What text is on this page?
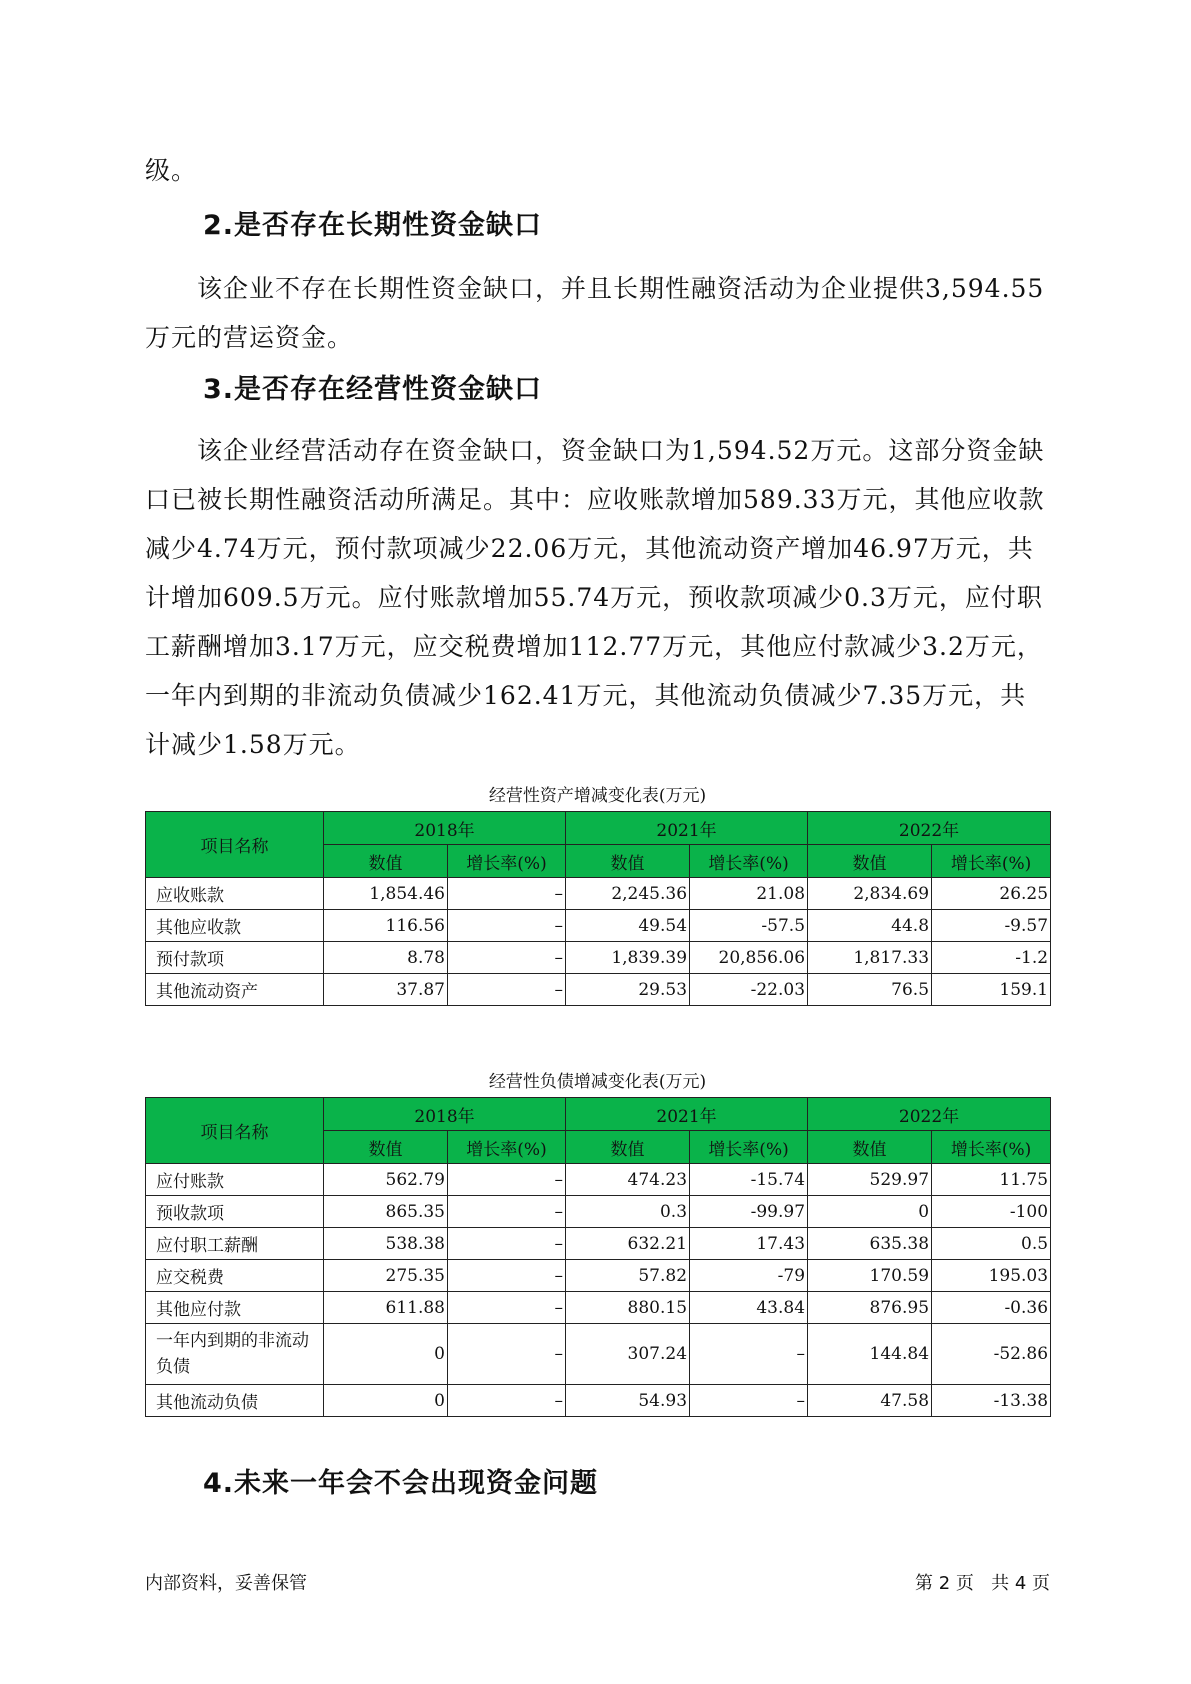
级。

2.是否存在长期性资金缺口

该企业不存在长期性资金缺口，并且长期性融资活动为企业提供3,594.55万元的营运资金。

3.是否存在经营性资金缺口

该企业经营活动存在资金缺口，资金缺口为1,594.52万元。这部分资金缺口已被长期性融资活动所满足。其中：应收账款增加589.33万元，其他应收款减少4.74万元，预付款项减少22.06万元，其他流动资产增加46.97万元，共计增加609.5万元。应付账款增加55.74万元，预收款项减少0.3万元，应付职工薪酬增加3.17万元，应交税费增加112.77万元，其他应付款减少3.2万元，一年内到期的非流动负债减少162.41万元，其他流动负债减少7.35万元，共计减少1.58万元。

经营性资产增减变化表(万元)

项目名称	2018年		2021年		2022年	
	数值	增长率(%)	数值	增长率(%)	数值	增长率(%)
应收账款	1,854.46	–	2,245.36	21.08	2,834.69	26.25
其他应收款	116.56	–	49.54	-57.5	44.8	-9.57
预付款项	8.78	–	1,839.39	20,856.06	1,817.33	-1.2
其他流动资产	37.87	–	29.53	-22.03	76.5	159.1

经营性负债增减变化表(万元)

项目名称	2018年		2021年		2022年	
	数值	增长率(%)	数值	增长率(%)	数值	增长率(%)
应付账款	562.79	–	474.23	-15.74	529.97	11.75
预收款项	865.35	–	0.3	-99.97	0	-100
应付职工薪酬	538.38	–	632.21	17.43	635.38	0.5
应交税费	275.35	–	57.82	-79	170.59	195.03
其他应付款	611.88	–	880.15	43.84	876.95	-0.36
一年内到期的非流动负债	0	–	307.24	–	144.84	-52.86
其他流动负债	0	–	54.93	–	47.58	-13.38
4.未来一年会不会出现资金问题
内部资料，妥善保管	第 2 页   共 4 页
